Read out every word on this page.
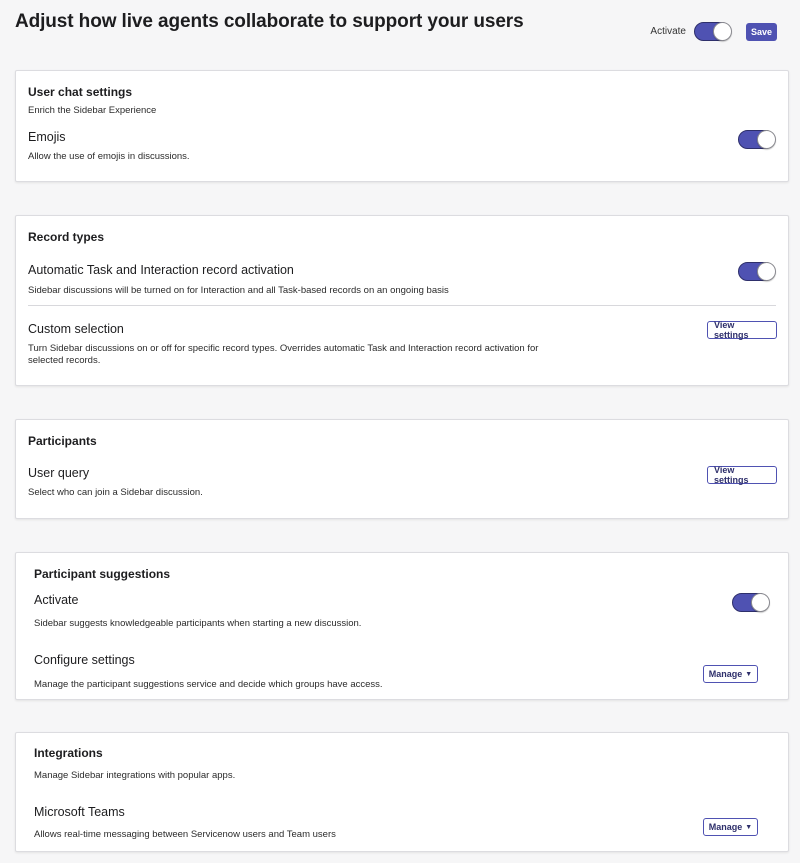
Adjust how live agents collaborate to support your users	Activate	Save
User chat settings
Enrich the Sidebar Experience
Emojis
Allow the use of emojis in discussions.
Record types
Automatic Task and Interaction record activation
Sidebar discussions will be turned on for Interaction and all Task-based records on an ongoing basis
Custom selection
Turn Sidebar discussions on or off for specific record types. Overrides automatic Task and Interaction record activation for
selected records.
View settings
Participants
User query
Select who can join a Sidebar discussion.
View settings
Participant suggestions
Activate
Sidebar suggests knowledgeable participants when starting a new discussion.
Configure settings
Manage the participant suggestions service and decide which groups have access.
Manage ▼
Integrations
Manage Sidebar integrations with popular apps.
Microsoft Teams
Allows real-time messaging between Servicenow users and Team users
Manage ▼
